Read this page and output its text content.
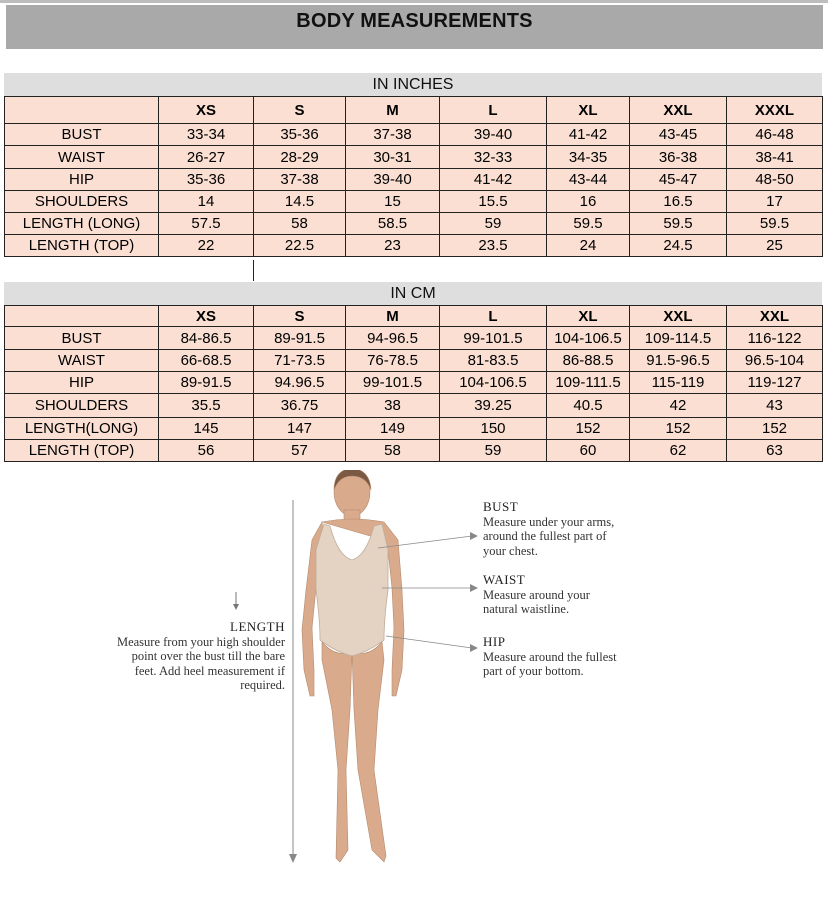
BODY MEASUREMENTS
IN INCHES
	XS	S	M	L	XL	XXL	XXXL
BUST	33-34	35-36	37-38	39-40	41-42	43-45	46-48
WAIST	26-27	28-29	30-31	32-33	34-35	36-38	38-41
HIP	35-36	37-38	39-40	41-42	43-44	45-47	48-50
SHOULDERS	14	14.5	15	15.5	16	16.5	17
LENGTH (LONG)	57.5	58	58.5	59	59.5	59.5	59.5
LENGTH (TOP)	22	22.5	23	23.5	24	24.5	25
IN CM
	XS	S	M	L	XL	XXL	XXL
BUST	84-86.5	89-91.5	94-96.5	99-101.5	104-106.5	109-114.5	116-122
WAIST	66-68.5	71-73.5	76-78.5	81-83.5	86-88.5	91.5-96.5	96.5-104
HIP	89-91.5	94.96.5	99-101.5	104-106.5	109-111.5	115-119	119-127
SHOULDERS	35.5	36.75	38	39.25	40.5	42	43
LENGTH(LONG)	145	147	149	150	152	152	152
LENGTH (TOP)	56	57	58	59	60	62	63
BUST
Measure under your arms,
around the fullest part of
your chest.
WAIST
Measure around your
natural waistline.
HIP
Measure around the fullest
part of your bottom.
LENGTH
Measure from your high shoulder
point over the bust till the bare
feet. Add heel measurement if
required.
